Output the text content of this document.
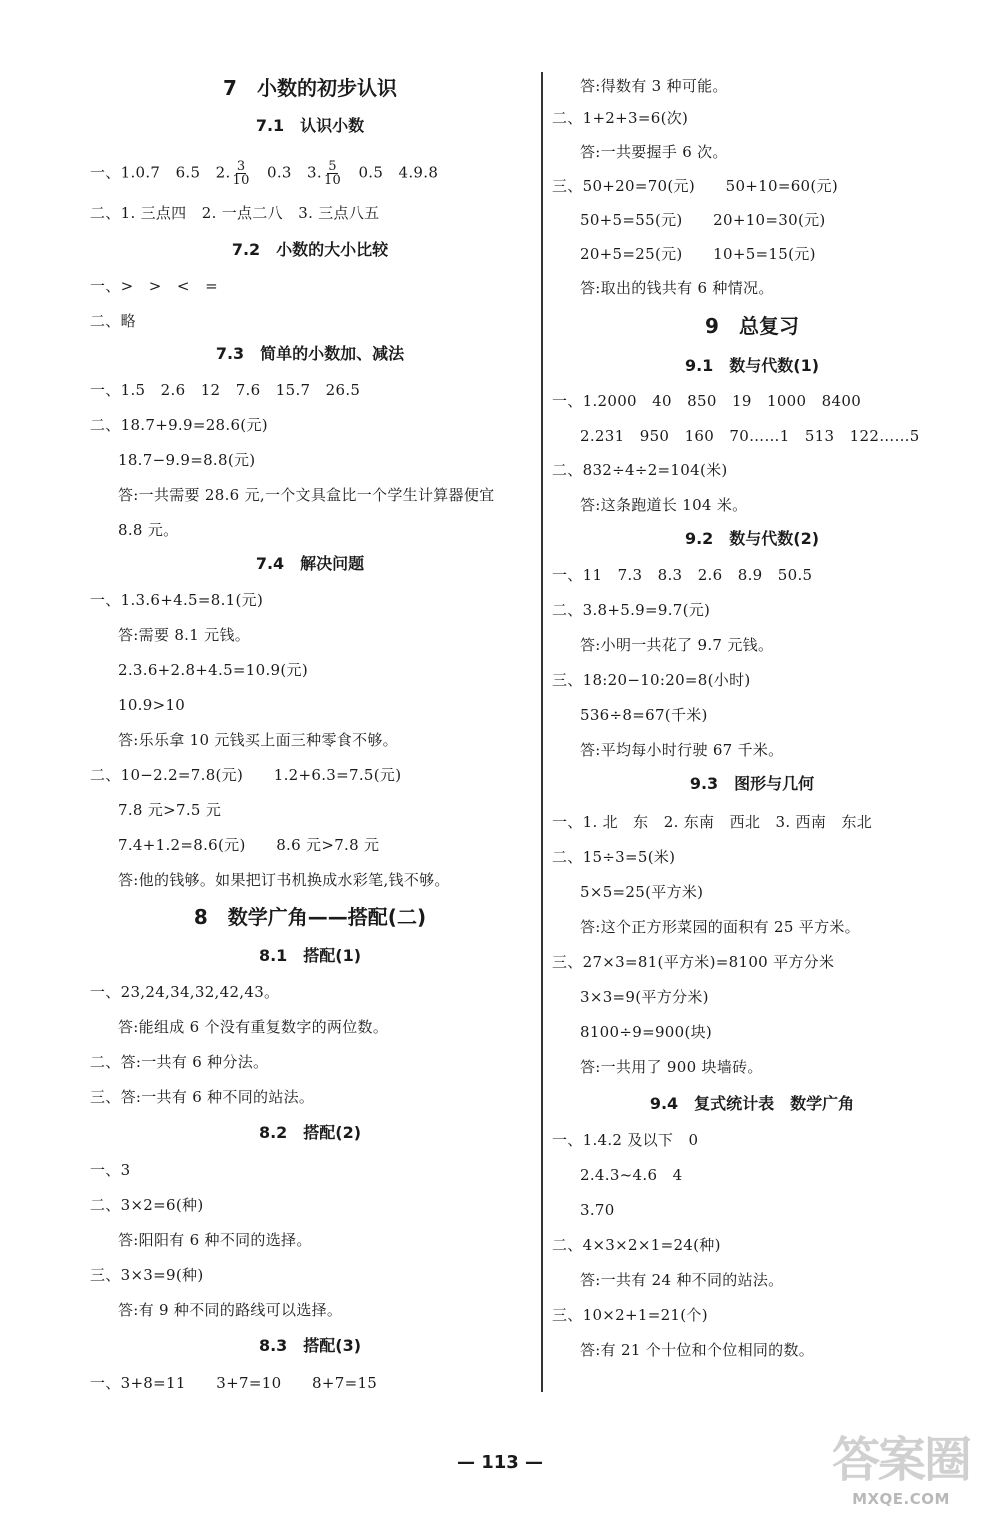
7　小数的初步认识
7.1　认识小数
一、1.0.7　6.5　2. $\frac{3}{10}$ 　0.3　3. $\frac{5}{10}$ 　0.5　4.9.8
二、1. 三点四　2. 一点二八　3. 三点八五
7.2　小数的大小比较
一、>　>　<　=
二、略
7.3　简单的小数加、减法
一、1.5　2.6　12　7.6　15.7　26.5
二、18.7+9.9=28.6(元)
18.7−9.9=8.8(元)
答:一共需要 28.6 元,一个文具盒比一个学生计算器便宜
8.8 元。
7.4　解决问题
一、1.3.6+4.5=8.1(元)
答:需要 8.1 元钱。
2.3.6+2.8+4.5=10.9(元)
10.9>10
答:乐乐拿 10 元钱买上面三种零食不够。
二、10−2.2=7.8(元)　　1.2+6.3=7.5(元)
7.8 元>7.5 元
7.4+1.2=8.6(元)　　8.6 元>7.8 元
答:他的钱够。如果把订书机换成水彩笔,钱不够。
8　数学广角——搭配(二)
8.1　搭配(1)
一、23,24,34,32,42,43。
答:能组成 6 个没有重复数字的两位数。
二、答:一共有 6 种分法。
三、答:一共有 6 种不同的站法。
8.2　搭配(2)
一、3
二、3×2=6(种)
答:阳阳有 6 种不同的选择。
三、3×3=9(种)
答:有 9 种不同的路线可以选择。
8.3　搭配(3)
一、3+8=11　　3+7=10　　8+7=15
答:得数有 3 种可能。
二、1+2+3=6(次)
答:一共要握手 6 次。
三、50+20=70(元)　　50+10=60(元)
50+5=55(元)　　20+10=30(元)
20+5=25(元)　　10+5=15(元)
答:取出的钱共有 6 种情况。
9　总复习
9.1　数与代数(1)
一、1.2000　40　850　19　1000　8400
2.231　950　160　70……1　513　122……5
二、832÷4÷2=104(米)
答:这条跑道长 104 米。
9.2　数与代数(2)
一、11　7.3　8.3　2.6　8.9　50.5
二、3.8+5.9=9.7(元)
答:小明一共花了 9.7 元钱。
三、18:20−10:20=8(小时)
536÷8=67(千米)
答:平均每小时行驶 67 千米。
9.3　图形与几何
一、1. 北　东　2. 东南　西北　3. 西南　东北
二、15÷3=5(米)
5×5=25(平方米)
答:这个正方形菜园的面积有 25 平方米。
三、27×3=81(平方米)=8100 平方分米
3×3=9(平方分米)
8100÷9=900(块)
答:一共用了 900 块墙砖。
9.4　复式统计表　数学广角
一、1.4.2 及以下　0
2.4.3~4.6　4
3.70
二、4×3×2×1=24(种)
答:一共有 24 种不同的站法。
三、10×2+1=21(个)
答:有 21 个十位和个位相同的数。
— 113 —	答案圈
MXQE.COM
